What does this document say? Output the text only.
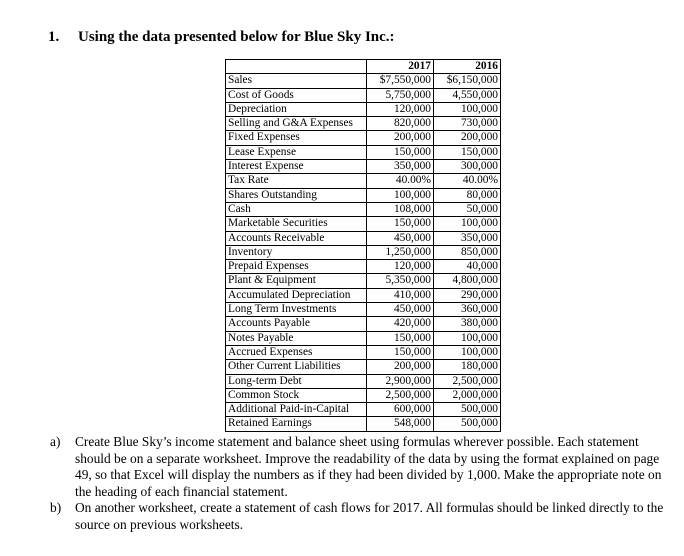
1. Using the data presented below for Blue Sky Inc.:
	2017	2016
Sales	$7,550,000	$6,150,000
Cost of Goods	5,750,000	4,550,000
Depreciation	120,000	100,000
Selling and G&A Expenses	820,000	730,000
Fixed Expenses	200,000	200,000
Lease Expense	150,000	150,000
Interest Expense	350,000	300,000
Tax Rate	40.00%	40.00%
Shares Outstanding	100,000	80,000
Cash	108,000	50,000
Marketable Securities	150,000	100,000
Accounts Receivable	450,000	350,000
Inventory	1,250,000	850,000
Prepaid Expenses	120,000	40,000
Plant & Equipment	5,350,000	4,800,000
Accumulated Depreciation	410,000	290,000
Long Term Investments	450,000	360,000
Accounts Payable	420,000	380,000
Notes Payable	150,000	100,000
Accrued Expenses	150,000	100,000
Other Current Liabilities	200,000	180,000
Long-term Debt	2,900,000	2,500,000
Common Stock	2,500,000	2,000,000
Additional Paid-in-Capital	600,000	500,000
Retained Earnings	548,000	500,000
a)	Create Blue Sky’s income statement and balance sheet using formulas wherever possible. Each statement should be on a separate worksheet. Improve the readability of the data by using the format explained on page 49, so that Excel will display the numbers as if they had been divided by 1,000. Make the appropriate note on the heading of each financial statement.
b)	On another worksheet, create a statement of cash flows for 2017. All formulas should be linked directly to the source on previous worksheets.
